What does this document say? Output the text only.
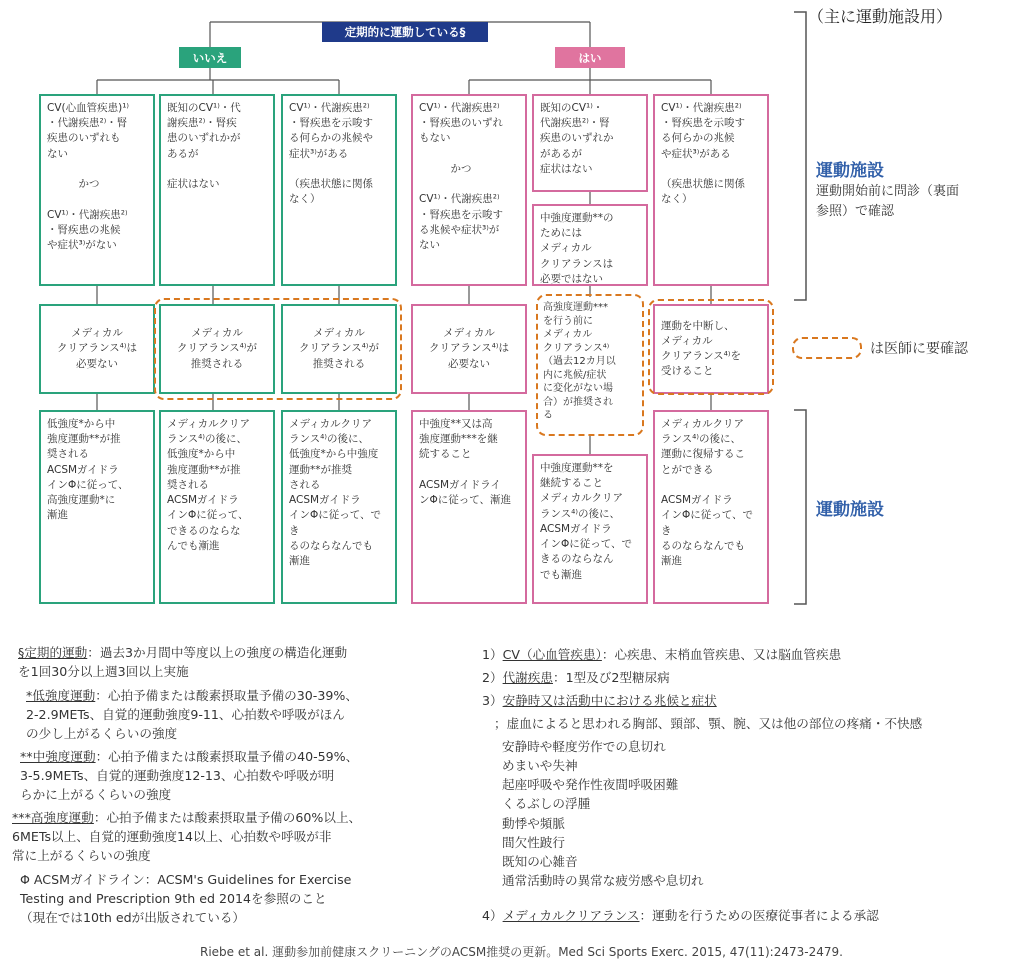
（主に運動施設用）
定期的に運動している§
いいえ	はい
CV(心血管疾患)¹⁾
・代謝疾患²⁾・腎
疾患のいずれも
ない

　　　かつ

CV¹⁾・代謝疾患²⁾
・腎疾患の兆候
や症状³⁾がない
既知のCV¹⁾・代
謝疾患²⁾・腎疾
患のいずれかが
あるが

症状はない
CV¹⁾・代謝疾患²⁾
・腎疾患を示唆す
る何らかの兆候や
症状³⁾がある

（疾患状態に関係
なく）
CV¹⁾・代謝疾患²⁾
・腎疾患のいずれ
もない

　　　かつ

CV¹⁾・代謝疾患²⁾
・腎疾患を示唆す
る兆候や症状³⁾が
ない
既知のCV¹⁾・
代謝疾患²⁾・腎
疾患のいずれか
があるが
症状はない
中強度運動**の
ためには
メディカル
クリアランスは
必要ではない
CV¹⁾・代謝疾患²⁾
・腎疾患を示唆す
る何らかの兆候
や症状³⁾がある

（疾患状態に関係
なく）
メディカル
クリアランス⁴⁾は
必要ない
メディカル
クリアランス⁴⁾が
推奨される
メディカル
クリアランス⁴⁾が
推奨される
メディカル
クリアランス⁴⁾は
必要ない
高強度運動***
を行う前に
メディカル
クリアランス⁴⁾
（過去12カ月以
内に兆候/症状
に変化がない場
合）が推奨され
る
運動を中断し、
メディカル
クリアランス⁴⁾を
受けること
低強度*から中
強度運動**が推
奨される
ACSMガイドラ
インΦに従って、
高強度運動*に
漸進
メディカルクリア
ランス⁴⁾の後に、
低強度*から中
強度運動**が推
奨される
ACSMガイドラ
インΦに従って、
できるのならな
んでも漸進
メディカルクリア
ランス⁴⁾の後に、
低強度*から中強度
運動**が推奨
される
ACSMガイドラ
インΦに従って、でき
るのならなんでも
漸進
中強度**又は高
強度運動***を継
続すること

ACSMガイドライ
ンΦに従って、漸進
中強度運動**を
継続すること
メディカルクリア
ランス⁴⁾の後に、
ACSMガイドラ
インΦに従って、で
きるのならなん
でも漸進
メディカルクリア
ランス⁴⁾の後に、
運動に復帰するこ
とができる

ACSMガイドラ
インΦに従って、でき
るのならなんでも
漸進
運動施設
運動開始前に問診（裏面
参照）で確認
は医師に要確認
運動施設
§定期的運動：過去3か月間中等度以上の強度の構造化運動
を1回30分以上週3回以上実施
*低強度運動：心拍予備または酸素摂取量予備の30-39%、
2-2.9METs、自覚的運動強度9-11、心拍数や呼吸がほん
の少し上がるくらいの強度
**中強度運動：心拍予備または酸素摂取量予備の40-59%、
3-5.9METs、自覚的運動強度12-13、心拍数や呼吸が明
らかに上がるくらいの強度
***高強度運動：心拍予備または酸素摂取量予備の60%以上、
6METs以上、自覚的運動強度14以上、心拍数や呼吸が非
常に上がるくらいの強度
Φ ACSMガイドライン：ACSM's Guidelines for Exercise
Testing and Prescription 9th ed 2014を参照のこと
（現在では10th edが出版されている）
1）CV（心血管疾患）：心疾患、末梢血管疾患、又は脳血管疾患
2）代謝疾患：1型及び2型糖尿病
3）安静時又は活動中における兆候と症状
；虚血によると思われる胸部、頸部、顎、腕、又は他の部位の疼痛・不快感
安静時や軽度労作での息切れ
めまいや失神
起座呼吸や発作性夜間呼吸困難
くるぶしの浮腫
動悸や頻脈
間欠性跛行
既知の心雑音
通常活動時の異常な疲労感や息切れ
4）メディカルクリアランス：運動を行うための医療従事者による承認
Riebe et al. 運動参加前健康スクリーニングのACSM推奨の更新。Med Sci Sports Exerc. 2015, 47(11):2473-2479.
